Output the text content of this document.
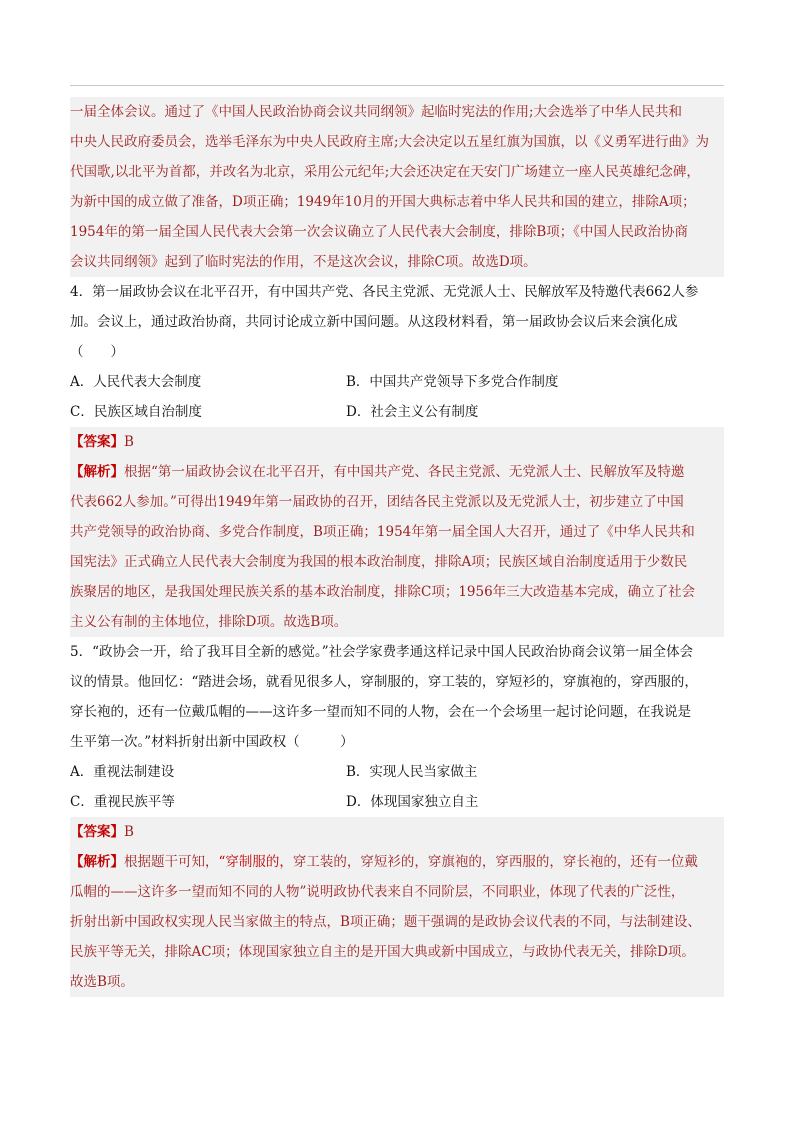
一届全体会议。通过了《中国人民政治协商会议共同纲领》起临时宪法的作用;大会选举了中华人民共和
中央人民政府委员会，选举毛泽东为中央人民政府主席;大会决定以五星红旗为国旗，以《义勇军进行曲》为
代国歌,以北平为首都，并改名为北京，采用公元纪年;大会还决定在天安门广场建立一座人民英雄纪念碑，
为新中国的成立做了准备，D项正确；1949年10月的开国大典标志着中华人民共和国的建立，排除A项；
1954年的第一届全国人民代表大会第一次会议确立了人民代表大会制度，排除B项；《中国人民政治协商
会议共同纲领》起到了临时宪法的作用，不是这次会议，排除C项。故选D项。
4．第一届政协会议在北平召开，有中国共产党、各民主党派、无党派人士、民解放军及特邀代表662人参
加。会议上，通过政治协商，共同讨论成立新中国问题。从这段材料看，第一届政协会议后来会演化成
（　　）
A．人民代表大会制度	B．中国共产党领导下多党合作制度
C．民族区域自治制度	D．社会主义公有制度
【答案】B
【解析】根据“第一届政协会议在北平召开，有中国共产党、各民主党派、无党派人士、民解放军及特邀
代表662人参加。”可得出1949年第一届政协的召开，团结各民主党派以及无党派人士，初步建立了中国
共产党领导的政治协商、多党合作制度，B项正确；1954年第一届全国人大召开，通过了《中华人民共和
国宪法》正式确立人民代表大会制度为我国的根本政治制度，排除A项；民族区域自治制度适用于少数民
族聚居的地区，是我国处理民族关系的基本政治制度，排除C项；1956年三大改造基本完成，确立了社会
主义公有制的主体地位，排除D项。故选B项。
5．“政协会一开，给了我耳目全新的感觉。”社会学家费孝通这样记录中国人民政治协商会议第一届全体会
议的情景。他回忆：“踏进会场，就看见很多人，穿制服的，穿工装的，穿短衫的，穿旗袍的，穿西服的，
穿长袍的，还有一位戴瓜帽的——这许多一望而知不同的人物，会在一个会场里一起讨论问题，在我说是
生平第一次。”材料折射出新中国政权（　　　）
A．重视法制建设	B．实现人民当家做主
C．重视民族平等	D．体现国家独立自主
【答案】B
【解析】根据题干可知，“穿制服的，穿工装的，穿短衫的，穿旗袍的，穿西服的，穿长袍的，还有一位戴
瓜帽的——这许多一望而知不同的人物”说明政协代表来自不同阶层，不同职业，体现了代表的广泛性，
折射出新中国政权实现人民当家做主的特点，B项正确；题干强调的是政协会议代表的不同，与法制建设、
民族平等无关，排除AC项；体现国家独立自主的是开国大典或新中国成立，与政协代表无关，排除D项。
故选B项。
